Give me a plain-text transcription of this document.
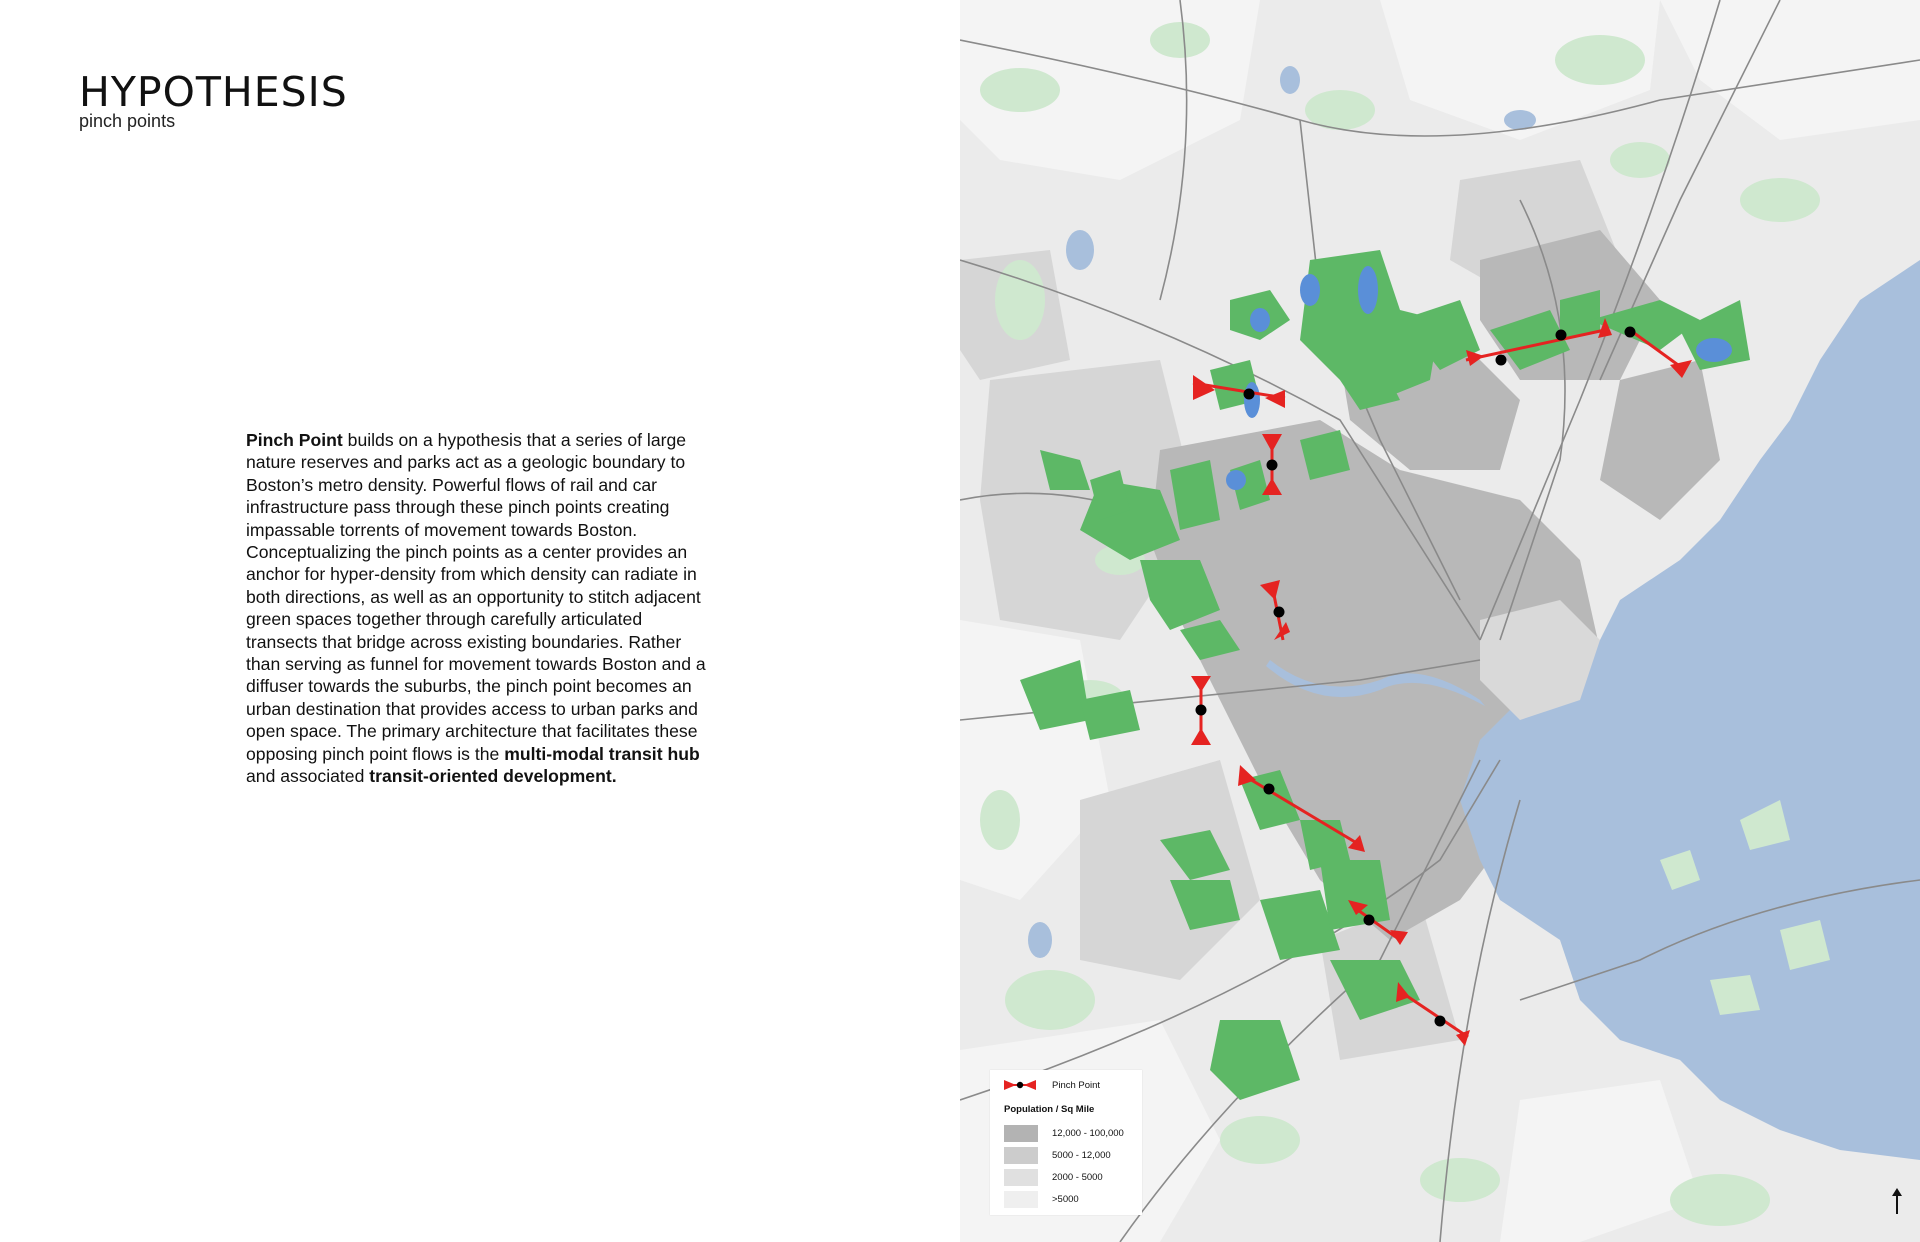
HYPOTHESIS
pinch points
Pinch Point builds on a hypothesis that a series of large nature reserves and parks act as a geologic boundary to Boston’s metro density. Powerful flows of rail and car infrastructure pass through these pinch points creating impassable torrents of movement towards Boston. Conceptualizing the pinch points as a center provides an anchor for hyper-density from which density can radiate in both directions, as well as an opportunity to stitch adjacent green spaces together through carefully articulated transects that bridge across existing boundaries. Rather than serving as funnel for movement towards Boston and a diffuser towards the suburbs, the pinch point becomes an urban destination that provides access to urban parks and open space. The primary architecture that facilitates these opposing pinch point flows is the multi-modal transit hub and associated transit-oriented development.
Pinch Point
Population / Sq Mile
12,000 - 100,000
5000 - 12,000
2000 - 5000
>5000
